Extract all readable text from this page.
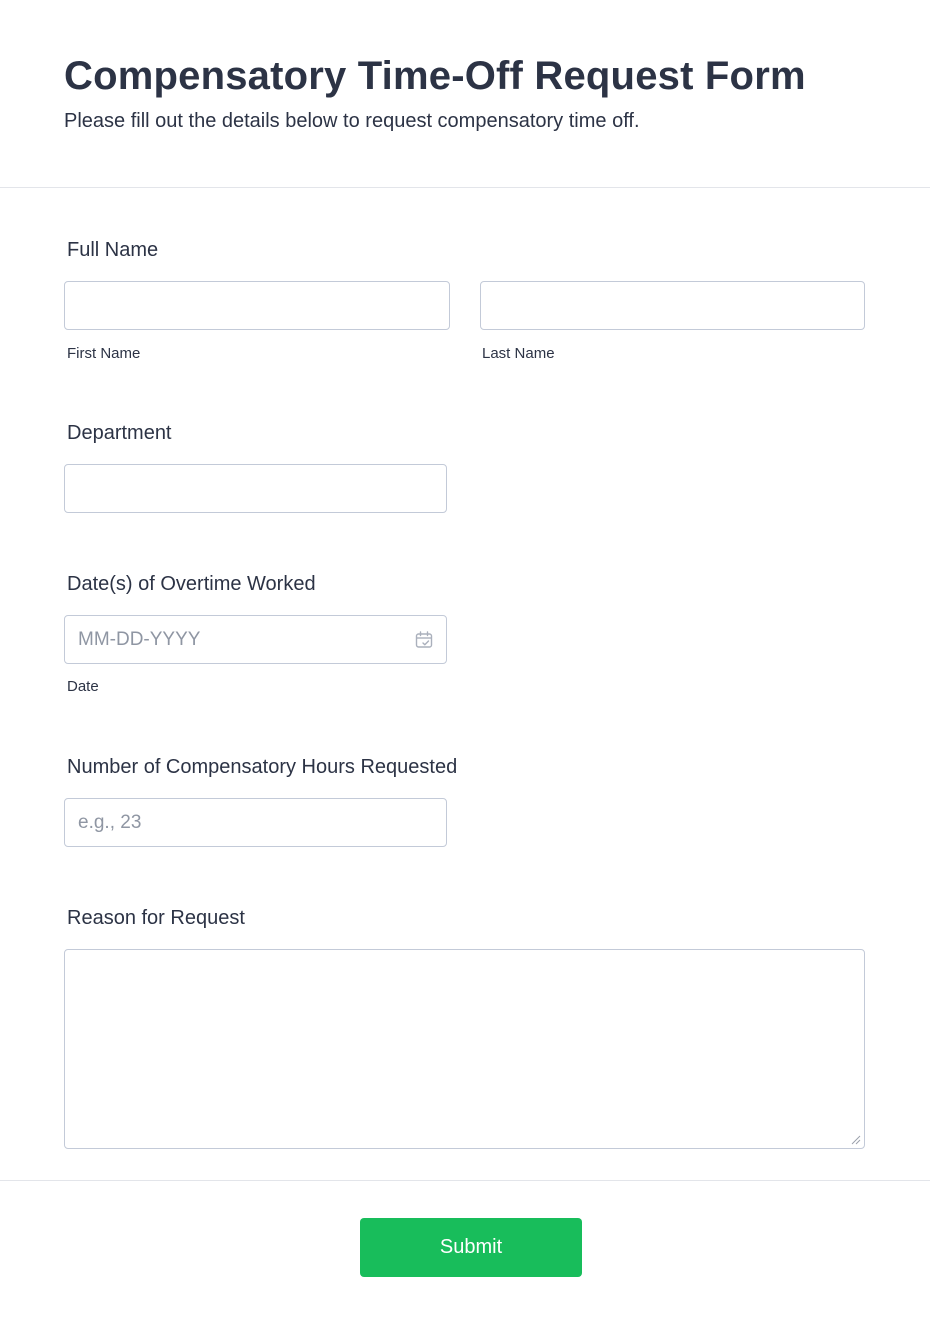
Compensatory Time-Off Request Form
Please fill out the details below to request compensatory time off.
Full Name
First Name	Last Name
Department
Date(s) of Overtime Worked
MM-DD-YYYY
Date
Number of Compensatory Hours Requested
e.g., 23
Reason for Request
Submit
